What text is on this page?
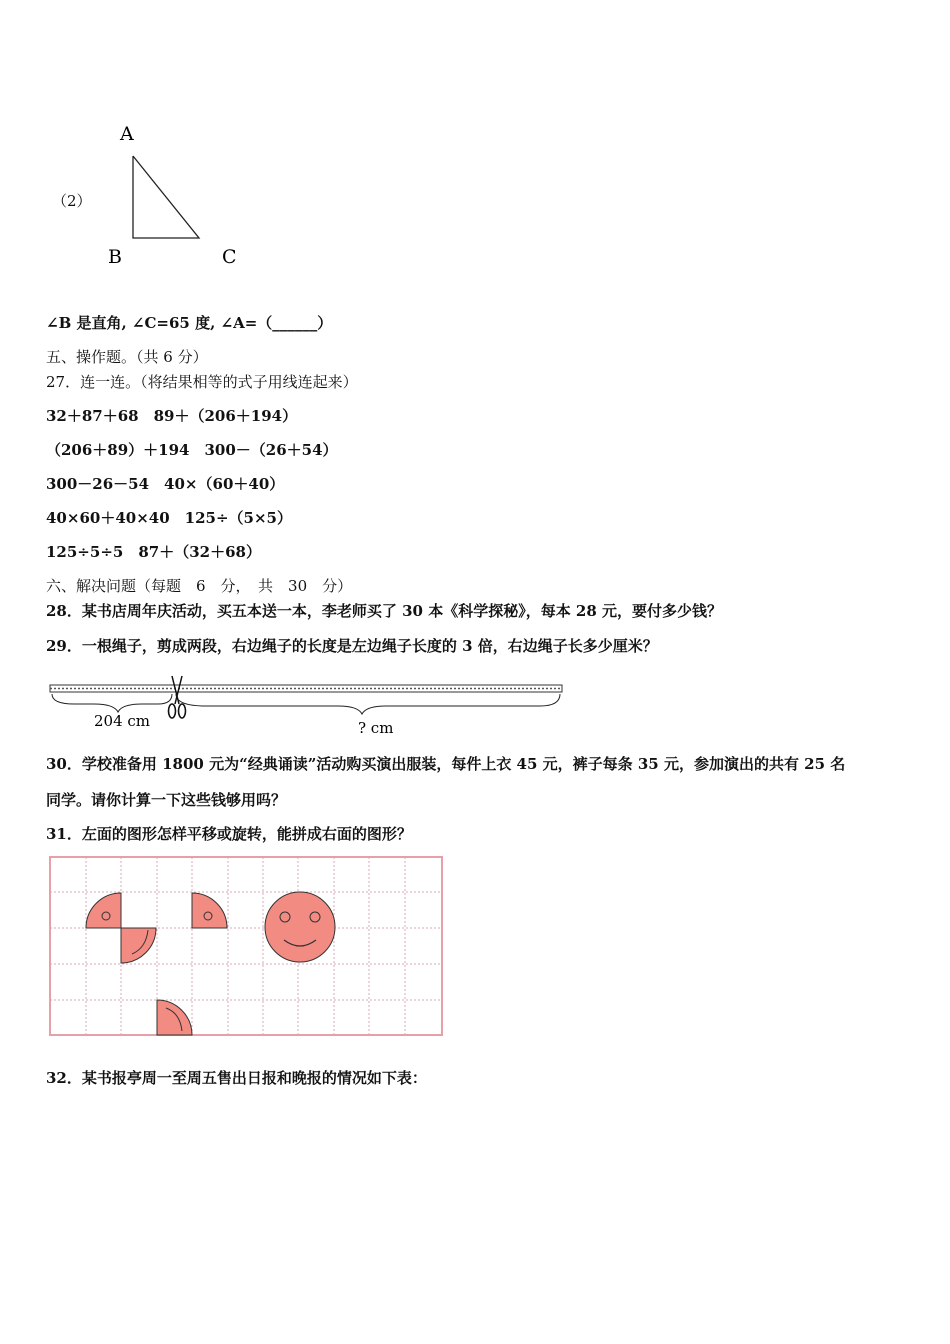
（2）
A
B	C
∠B 是直角, ∠C=65 度, ∠A=（______）
五、操作题。（共 6 分）
27．连一连。（将结果相等的式子用线连起来）
32＋87＋68　89＋（206＋194）
（206＋89）＋194　300－（26＋54）
300－26－54　40×（60＋40）
40×60＋40×40　125÷（5×5）
125÷5÷5　87＋（32＋68）
六、解决问题（每题　6　分，　共　30　分）
28．某书店周年庆活动，买五本送一本，李老师买了 30 本《科学探秘》，每本 28 元，要付多少钱？
29．一根绳子，剪成两段，右边绳子的长度是左边绳子长度的 3 倍，右边绳子长多少厘米？
204 cm	? cm
30．学校准备用 1800 元为“经典诵读”活动购买演出服装，每件上衣 45 元，裤子每条 35 元，参加演出的共有 25 名
同学。请你计算一下这些钱够用吗？
31．左面的图形怎样平移或旋转，能拼成右面的图形？
32．某书报亭周一至周五售出日报和晚报的情况如下表：
